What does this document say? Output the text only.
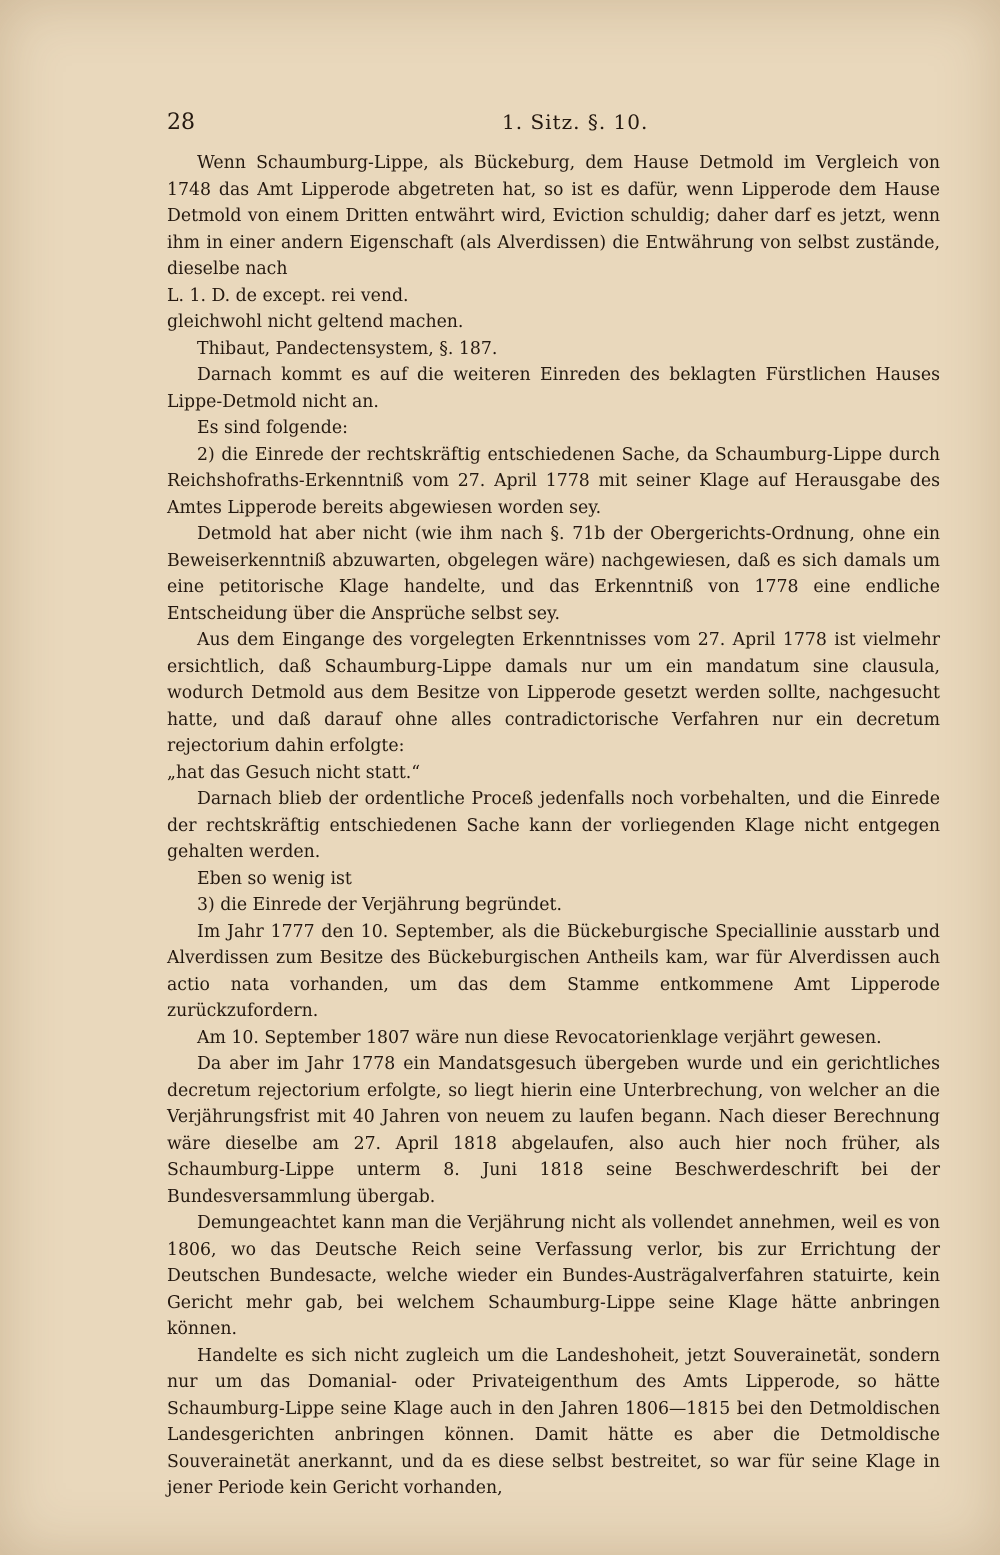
28	1. Sitz. §. 10.

Wenn Schaumburg-Lippe, als Bückeburg, dem Hause Detmold im Vergleich von 1748 das Amt Lipperode abgetreten hat, so ist es dafür, wenn Lipperode dem Hause Detmold von einem Dritten entwährt wird, Eviction schuldig; daher darf es jetzt, wenn ihm in einer andern Eigenschaft (als Alverdissen) die Entwährung von selbst zustände, dieselbe nach

L. 1. D. de except. rei vend.

gleichwohl nicht geltend machen.

Thibaut, Pandectensystem, §. 187.

Darnach kommt es auf die weiteren Einreden des beklagten Fürstlichen Hauses Lippe-Detmold nicht an.

Es sind folgende:

2) die Einrede der rechtskräftig entschiedenen Sache, da Schaumburg-Lippe durch Reichshofraths-Erkenntniß vom 27. April 1778 mit seiner Klage auf Herausgabe des Amtes Lipperode bereits abgewiesen worden sey.

Detmold hat aber nicht (wie ihm nach §. 71b der Obergerichts-Ordnung, ohne ein Beweiserkenntniß abzuwarten, obgelegen wäre) nachgewiesen, daß es sich damals um eine petitorische Klage handelte, und das Erkenntniß von 1778 eine endliche Entscheidung über die Ansprüche selbst sey.

Aus dem Eingange des vorgelegten Erkenntnisses vom 27. April 1778 ist vielmehr ersichtlich, daß Schaumburg-Lippe damals nur um ein mandatum sine clausula, wodurch Detmold aus dem Besitze von Lipperode gesetzt werden sollte, nachgesucht hatte, und daß darauf ohne alles contradictorische Verfahren nur ein decretum rejectorium dahin erfolgte:

„hat das Gesuch nicht statt.“

Darnach blieb der ordentliche Proceß jedenfalls noch vorbehalten, und die Einrede der rechtskräftig entschiedenen Sache kann der vorliegenden Klage nicht entgegen gehalten werden.

Eben so wenig ist

3) die Einrede der Verjährung begründet.

Im Jahr 1777 den 10. September, als die Bückeburgische Speciallinie ausstarb und Alverdissen zum Besitze des Bückeburgischen Antheils kam, war für Alverdissen auch actio nata vorhanden, um das dem Stamme entkommene Amt Lipperode zurückzufordern.

Am 10. September 1807 wäre nun diese Revocatorienklage verjährt gewesen.

Da aber im Jahr 1778 ein Mandatsgesuch übergeben wurde und ein gerichtliches decretum rejectorium erfolgte, so liegt hierin eine Unterbrechung, von welcher an die Verjährungsfrist mit 40 Jahren von neuem zu laufen begann. Nach dieser Berechnung wäre dieselbe am 27. April 1818 abgelaufen, also auch hier noch früher, als Schaumburg-Lippe unterm 8. Juni 1818 seine Beschwerdeschrift bei der Bundesversammlung übergab.

Demungeachtet kann man die Verjährung nicht als vollendet annehmen, weil es von 1806, wo das Deutsche Reich seine Verfassung verlor, bis zur Errichtung der Deutschen Bundesacte, welche wieder ein Bundes-Austrägalverfahren statuirte, kein Gericht mehr gab, bei welchem Schaumburg-Lippe seine Klage hätte anbringen können.

Handelte es sich nicht zugleich um die Landeshoheit, jetzt Souverainetät, sondern nur um das Domanial- oder Privateigenthum des Amts Lipperode, so hätte Schaumburg-Lippe seine Klage auch in den Jahren 1806—1815 bei den Detmoldischen Landesgerichten anbringen können. Damit hätte es aber die Detmoldische Souverainetät anerkannt, und da es diese selbst bestreitet, so war für seine Klage in jener Periode kein Gericht vorhanden,
